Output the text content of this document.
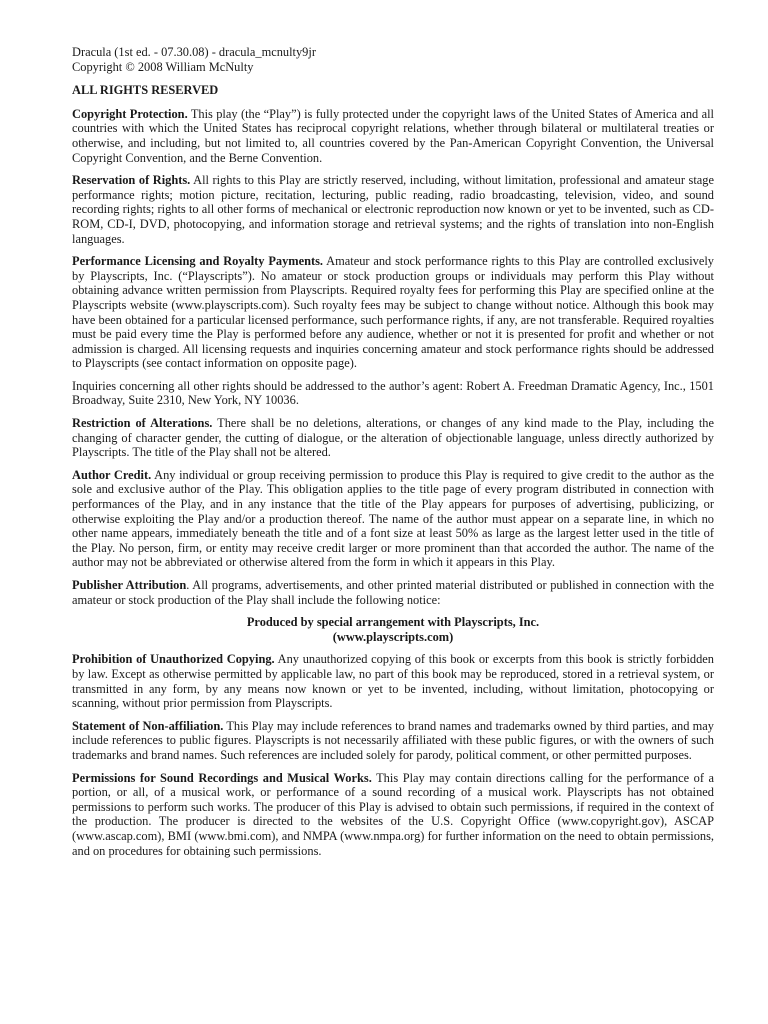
Dracula (1st ed. - 07.30.08) - dracula_mcnulty9jr

Copyright © 2008 William McNulty

ALL RIGHTS RESERVED

Copyright Protection. This play (the “Play”) is fully protected under the copyright laws of the United States of America and all countries with which the United States has reciprocal copyright relations, whether through bilateral or multilateral treaties or otherwise, and including, but not limited to, all countries covered by the Pan-American Copyright Convention, the Universal Copyright Convention, and the Berne Convention.

Reservation of Rights. All rights to this Play are strictly reserved, including, without limitation, professional and amateur stage performance rights; motion picture, recitation, lecturing, public reading, radio broadcasting, television, video, and sound recording rights; rights to all other forms of mechanical or electronic reproduction now known or yet to be invented, such as CD-ROM, CD-I, DVD, photocopying, and information storage and retrieval systems; and the rights of translation into non-English languages.

Performance Licensing and Royalty Payments. Amateur and stock performance rights to this Play are controlled exclusively by Playscripts, Inc. (“Playscripts”). No amateur or stock production groups or individuals may perform this Play without obtaining advance written permission from Playscripts. Required royalty fees for performing this Play are specified online at the Playscripts website (www.playscripts.com). Such royalty fees may be subject to change without notice. Although this book may have been obtained for a particular licensed performance, such performance rights, if any, are not transferable. Required royalties must be paid every time the Play is performed before any audience, whether or not it is presented for profit and whether or not admission is charged. All licensing requests and inquiries concerning amateur and stock performance rights should be addressed to Playscripts (see contact information on opposite page).

Inquiries concerning all other rights should be addressed to the author’s agent: Robert A. Freedman Dramatic Agency, Inc., 1501 Broadway, Suite 2310, New York, NY 10036.

Restriction of Alterations. There shall be no deletions, alterations, or changes of any kind made to the Play, including the changing of character gender, the cutting of dialogue, or the alteration of objectionable language, unless directly authorized by Playscripts. The title of the Play shall not be altered.

Author Credit. Any individual or group receiving permission to produce this Play is required to give credit to the author as the sole and exclusive author of the Play. This obligation applies to the title page of every program distributed in connection with performances of the Play, and in any instance that the title of the Play appears for purposes of advertising, publicizing, or otherwise exploiting the Play and/or a production thereof. The name of the author must appear on a separate line, in which no other name appears, immediately beneath the title and of a font size at least 50% as large as the largest letter used in the title of the Play. No person, firm, or entity may receive credit larger or more prominent than that accorded the author. The name of the author may not be abbreviated or otherwise altered from the form in which it appears in this Play.

Publisher Attribution. All programs, advertisements, and other printed material distributed or published in connection with the amateur or stock production of the Play shall include the following notice:

Produced by special arrangement with Playscripts, Inc.
(www.playscripts.com)

Prohibition of Unauthorized Copying. Any unauthorized copying of this book or excerpts from this book is strictly forbidden by law. Except as otherwise permitted by applicable law, no part of this book may be reproduced, stored in a retrieval system, or transmitted in any form, by any means now known or yet to be invented, including, without limitation, photocopying or scanning, without prior permission from Playscripts.

Statement of Non-affiliation. This Play may include references to brand names and trademarks owned by third parties, and may include references to public figures. Playscripts is not necessarily affiliated with these public figures, or with the owners of such trademarks and brand names. Such references are included solely for parody, political comment, or other permitted purposes.

Permissions for Sound Recordings and Musical Works. This Play may contain directions calling for the performance of a portion, or all, of a musical work, or performance of a sound recording of a musical work. Playscripts has not obtained permissions to perform such works. The producer of this Play is advised to obtain such permissions, if required in the context of the production. The producer is directed to the websites of the U.S. Copyright Office (www.copyright.gov), ASCAP (www.ascap.com), BMI (www.bmi.com), and NMPA (www.nmpa.org) for further information on the need to obtain permissions, and on procedures for obtaining such permissions.
